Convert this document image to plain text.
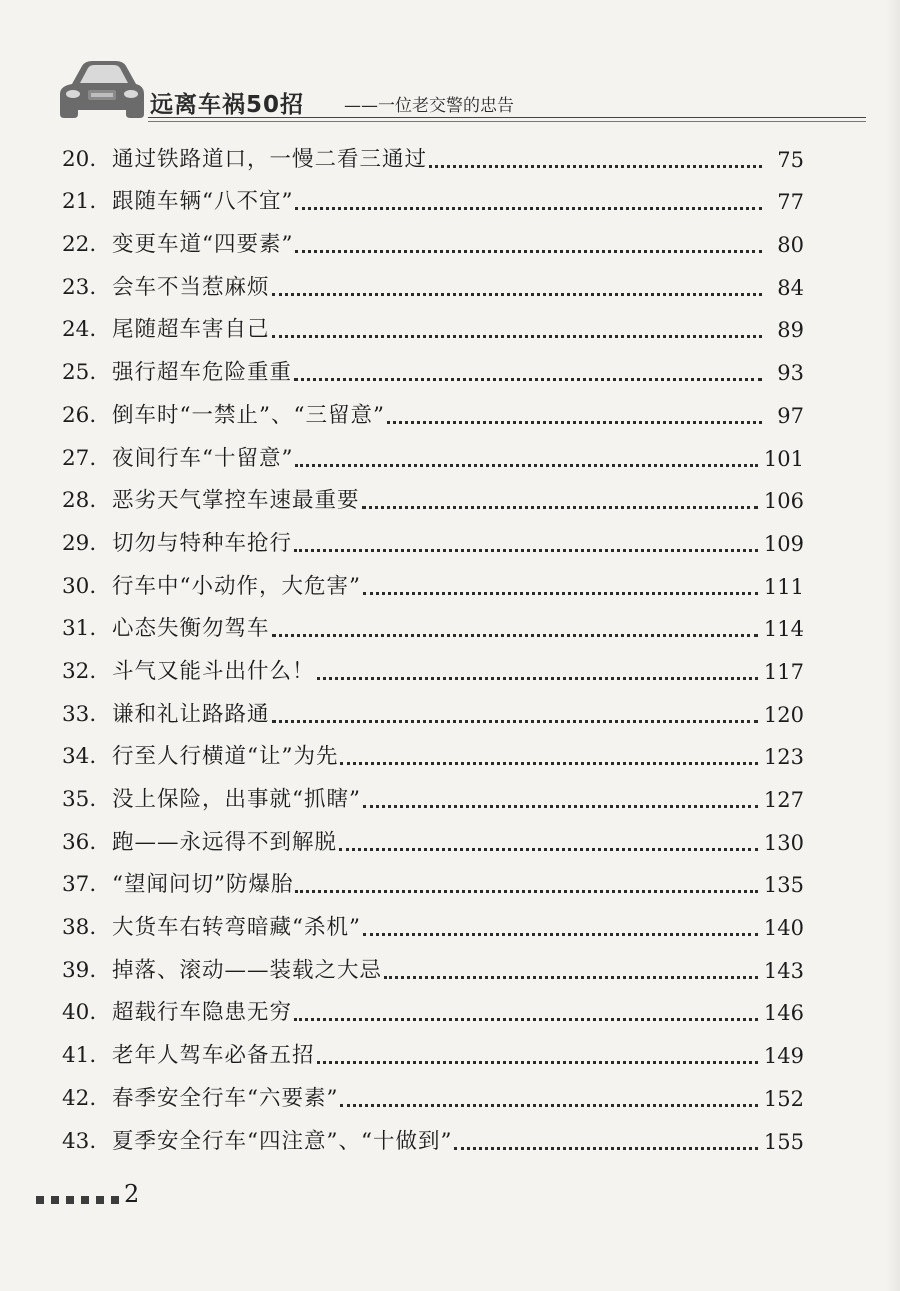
远离车祸50招 ——一位老交警的忠告
20. 通过铁路道口，一慢二看三通过	75
21. 跟随车辆“八不宜”	77
22. 变更车道“四要素”	80
23. 会车不当惹麻烦	84
24. 尾随超车害自己	89
25. 强行超车危险重重	93
26. 倒车时“一禁止”、“三留意”	97
27. 夜间行车“十留意”	101
28. 恶劣天气掌控车速最重要	106
29. 切勿与特种车抢行	109
30. 行车中“小动作，大危害”	111
31. 心态失衡勿驾车	114
32. 斗气又能斗出什么！	117
33. 谦和礼让路路通	120
34. 行至人行横道“让”为先	123
35. 没上保险，出事就“抓瞎”	127
36. 跑——永远得不到解脱	130
37. “望闻问切”防爆胎	135
38. 大货车右转弯暗藏“杀机”	140
39. 掉落、滚动——装载之大忌	143
40. 超载行车隐患无穷	146
41. 老年人驾车必备五招	149
42. 春季安全行车“六要素”	152
43. 夏季安全行车“四注意”、“十做到”	155
2
